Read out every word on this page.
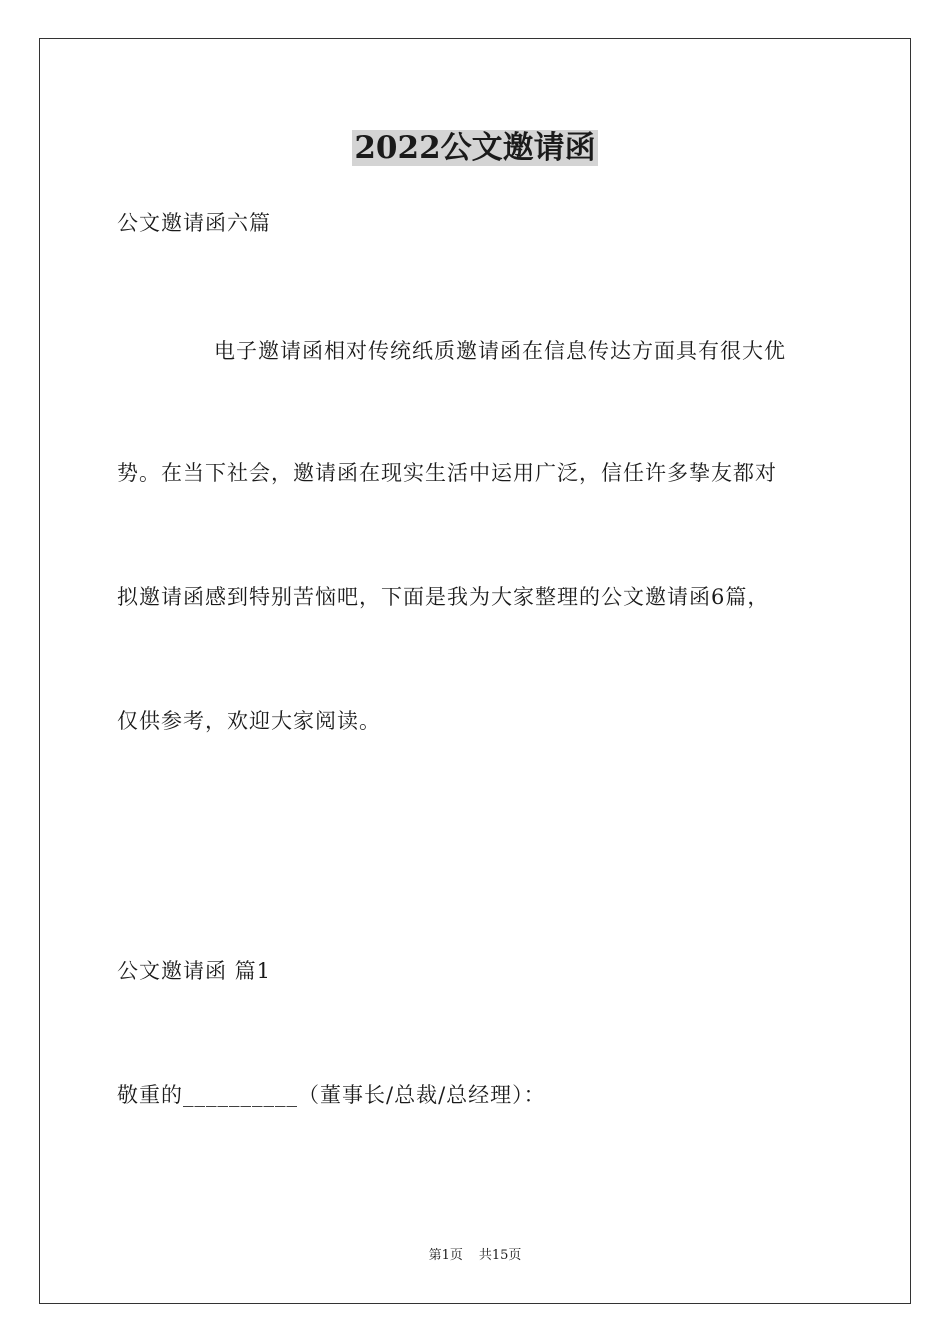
2022公文邀请函
公文邀请函六篇
电子邀请函相对传统纸质邀请函在信息传达方面具有很大优
势。在当下社会，邀请函在现实生活中运用广泛，信任许多挚友都对
拟邀请函感到特别苦恼吧，下面是我为大家整理的公文邀请函6篇，
仅供参考，欢迎大家阅读。
公文邀请函 篇1
敬重的__________（董事长/总裁/总经理）：
第1页 共15页
